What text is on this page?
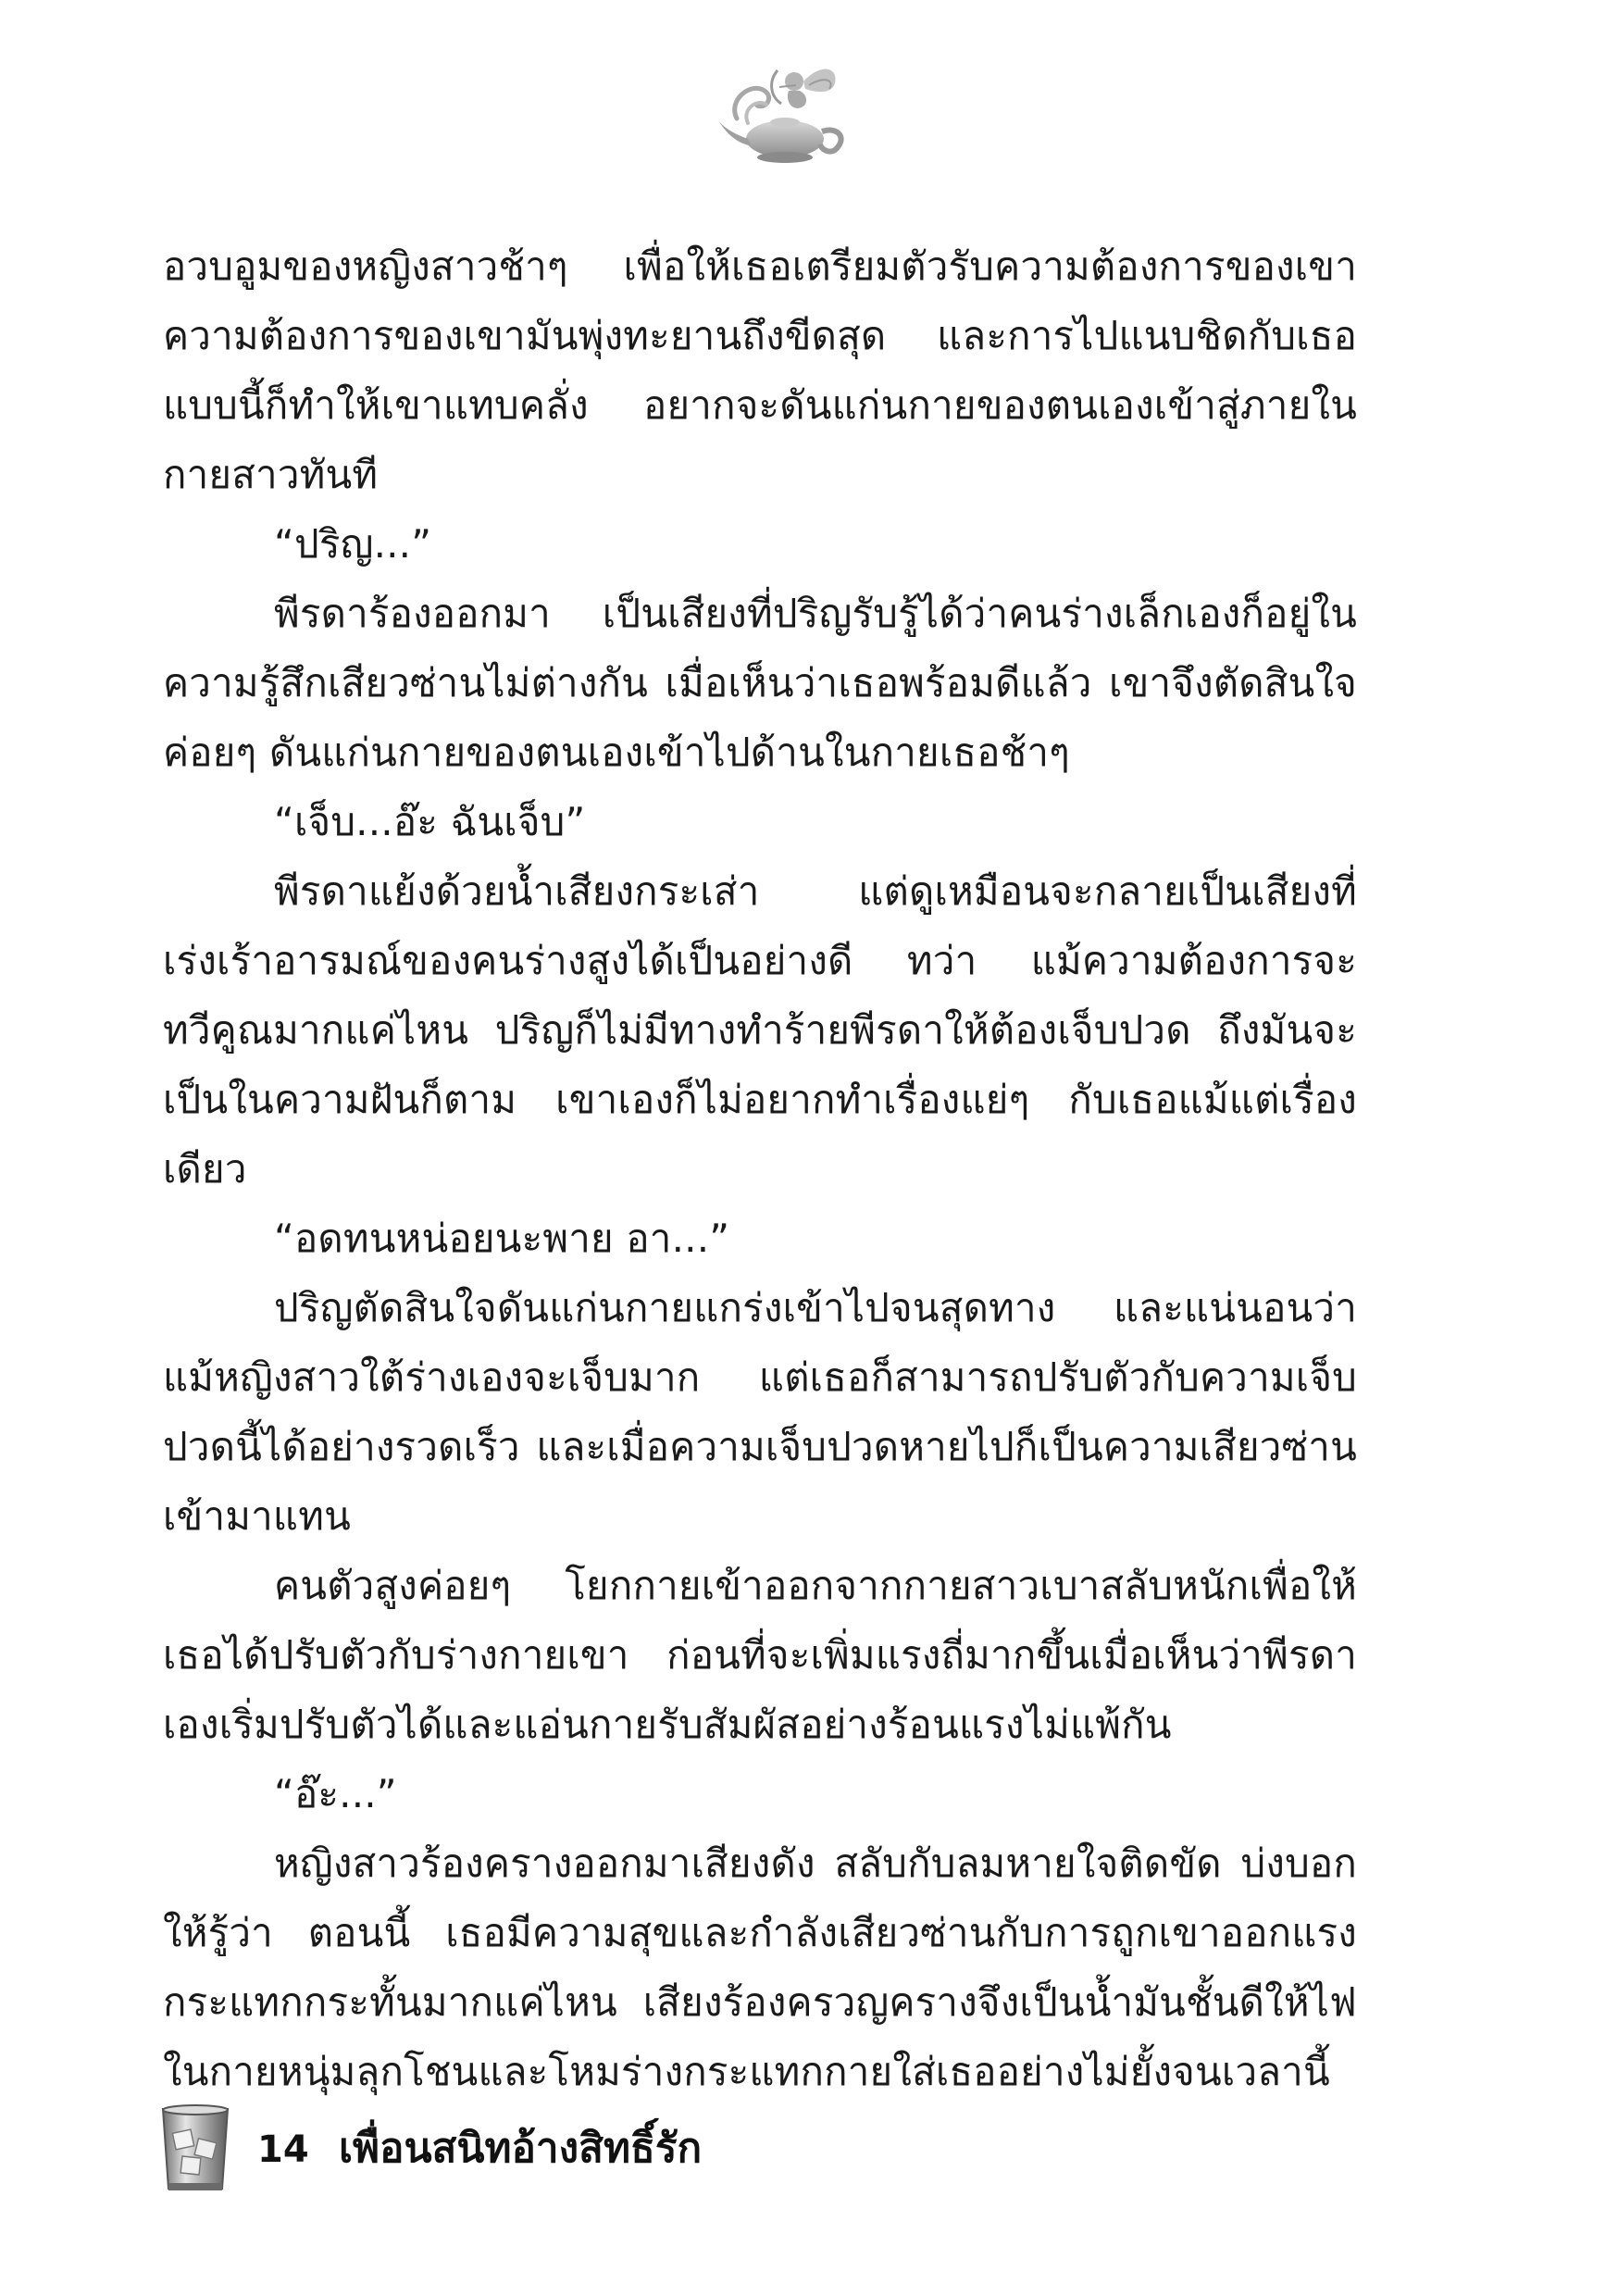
อวบอูมของหญิงสาวช้าๆ เพื่อให้เธอเตรียมตัวรับความต้องการของเขา ความต้องการของเขามันพุ่งทะยานถึงขีดสุด และการไปแนบชิดกับเธอแบบนี้ก็ทำให้เขาแทบคลั่ง อยากจะดันแก่นกายของตนเองเข้าสู่ภายในกายสาวทันที

“ปริญ...”

พีรดาร้องออกมา เป็นเสียงที่ปริญรับรู้ได้ว่าคนร่างเล็กเองก็อยู่ในความรู้สึกเสียวซ่านไม่ต่างกัน เมื่อเห็นว่าเธอพร้อมดีแล้ว เขาจึงตัดสินใจค่อยๆ ดันแก่นกายของตนเองเข้าไปด้านในกายเธอช้าๆ

“เจ็บ...อ๊ะ ฉันเจ็บ”

พีรดาแย้งด้วยน้ำเสียงกระเส่า แต่ดูเหมือนจะกลายเป็นเสียงที่เร่งเร้าอารมณ์ของคนร่างสูงได้เป็นอย่างดี ทว่า แม้ความต้องการจะทวีคูณมากแค่ไหน ปริญก็ไม่มีทางทำร้ายพีรดาให้ต้องเจ็บปวด ถึงมันจะเป็นในความฝันก็ตาม เขาเองก็ไม่อยากทำเรื่องแย่ๆ กับเธอแม้แต่เรื่องเดียว

“อดทนหน่อยนะพาย อา...”

ปริญตัดสินใจดันแก่นกายแกร่งเข้าไปจนสุดทาง และแน่นอนว่า แม้หญิงสาวใต้ร่างเองจะเจ็บมาก แต่เธอก็สามารถปรับตัวกับความเจ็บปวดนี้ได้อย่างรวดเร็ว และเมื่อความเจ็บปวดหายไปก็เป็นความเสียวซ่านเข้ามาแทน

คนตัวสูงค่อยๆ โยกกายเข้าออกจากกายสาวเบาสลับหนักเพื่อให้เธอได้ปรับตัวกับร่างกายเขา ก่อนที่จะเพิ่มแรงถี่มากขึ้นเมื่อเห็นว่าพีรดาเองเริ่มปรับตัวได้และแอ่นกายรับสัมผัสอย่างร้อนแรงไม่แพ้กัน

“อ๊ะ...”

หญิงสาวร้องครางออกมาเสียงดัง สลับกับลมหายใจติดขัด บ่งบอกให้รู้ว่า ตอนนี้ เธอมีความสุขและกำลังเสียวซ่านกับการถูกเขาออกแรงกระแทกกระทั้นมากแค่ไหน เสียงร้องครวญครางจึงเป็นน้ำมันชั้นดีให้ไฟในกายหนุ่มลุกโชนและโหมร่างกระแทกกายใส่เธออย่างไม่ยั้งจนเวลานี้

14 เพื่อนสนิทอ้างสิทธิ์รัก
